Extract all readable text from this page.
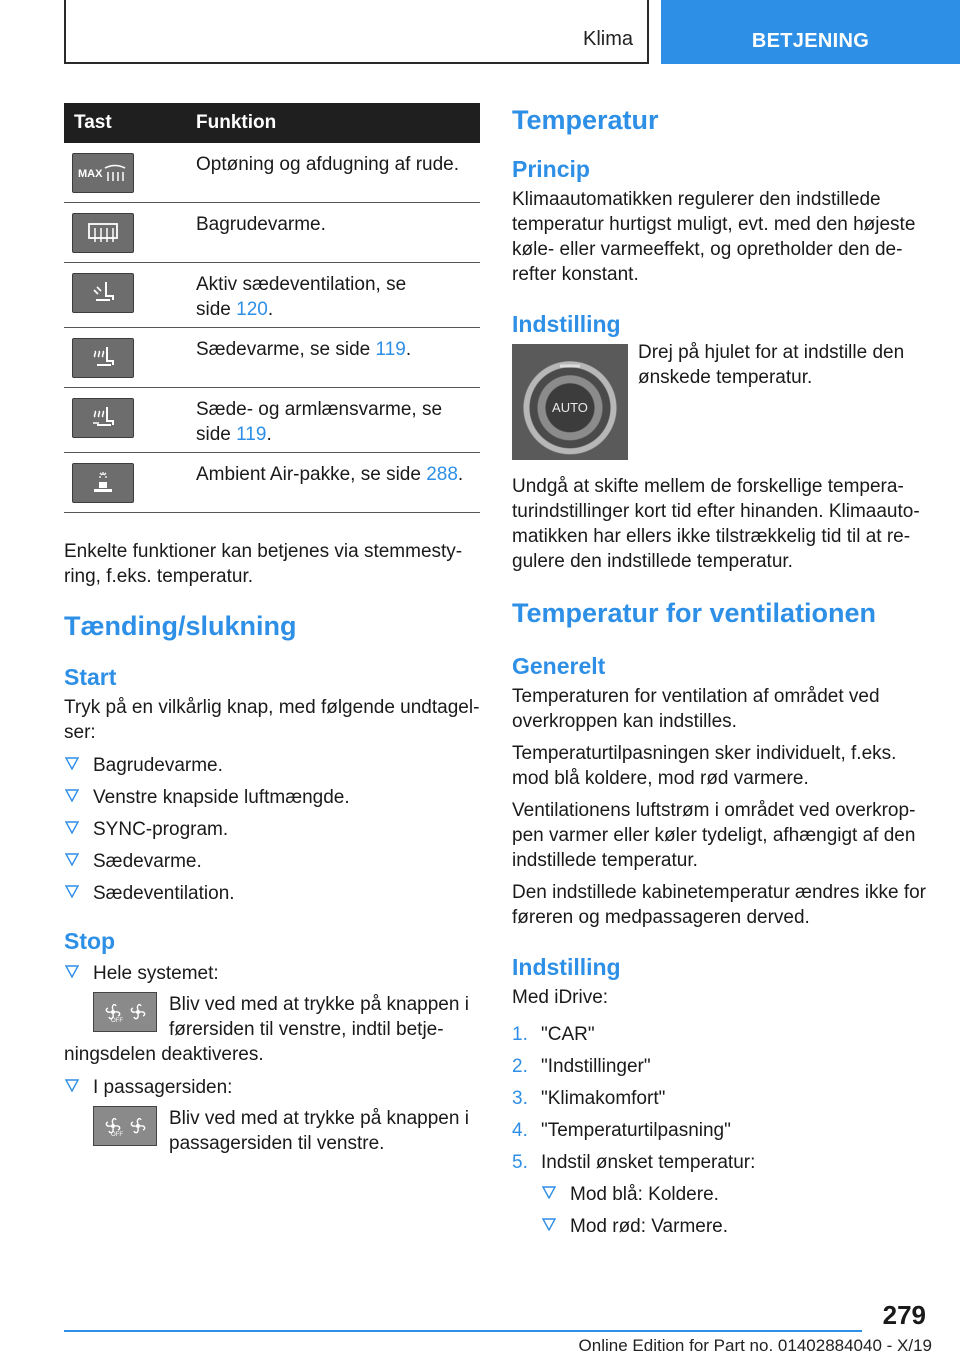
Klima	BETJENING
Tast	Funktion
MAX	Optøning og afdugning af rude.
Bagrudevarme.
Aktiv sædeventilation, se
side 120.
Sædevarme, se side 119.
Sæde- og armlænsvarme, se
side 119.
Ambient Air-pakke, se side 288.

Enkelte funktioner kan betjenes via stemmesty‐ring, f.eks. temperatur.

Tænding/slukning
Start

Tryk på en vilkårlig knap, med følgende undtagel‐ser:

Bagrudevarme.
Venstre knapside luftmængde.
SYNC-program.
Sædevarme.
Sædeventilation.
Stop
Hele systemet:
OFF
Bliv ved med at trykke på knappen i
førersiden til venstre, indtil betje‐

ningsdelen deaktiveres.

I passagersiden:
OFF
Bliv ved med at trykke på knappen i
passagersiden til venstre.
Temperatur
Princip

Klimaautomatikken regulerer den indstillede temperatur hurtigst muligt, evt. med den højeste køle- eller varmeeffekt, og opretholder den de‐refter konstant.

Indstilling
AUTO

Drej på hjulet for at indstille den ønskede temperatur.

Undgå at skifte mellem de forskellige tempera‐turindstillinger kort tid efter hinanden. Klimaauto‐matikken har ellers ikke tilstrækkelig tid til at re‐gulere den indstillede temperatur.

Temperatur for ventilationen
Generelt

Temperaturen for ventilation af området ved overkroppen kan indstilles.

Temperaturtilpasningen sker individuelt, f.eks. mod blå koldere, mod rød varmere.

Ventilationens luftstrøm i området ved overkrop‐pen varmer eller køler tydeligt, afhængigt af den indstillede temperatur.

Den indstillede kabinetemperatur ændres ikke for føreren og medpassageren derved.

Indstilling

Med iDrive:

1. "CAR"
2. "Indstillinger"
3. "Klimakomfort"
4. "Temperaturtilpasning"
5. Indstil ønsket temperatur:
Mod blå: Koldere.
Mod rød: Varmere.
279
Online Edition for Part no. 01402884040 - X/19
